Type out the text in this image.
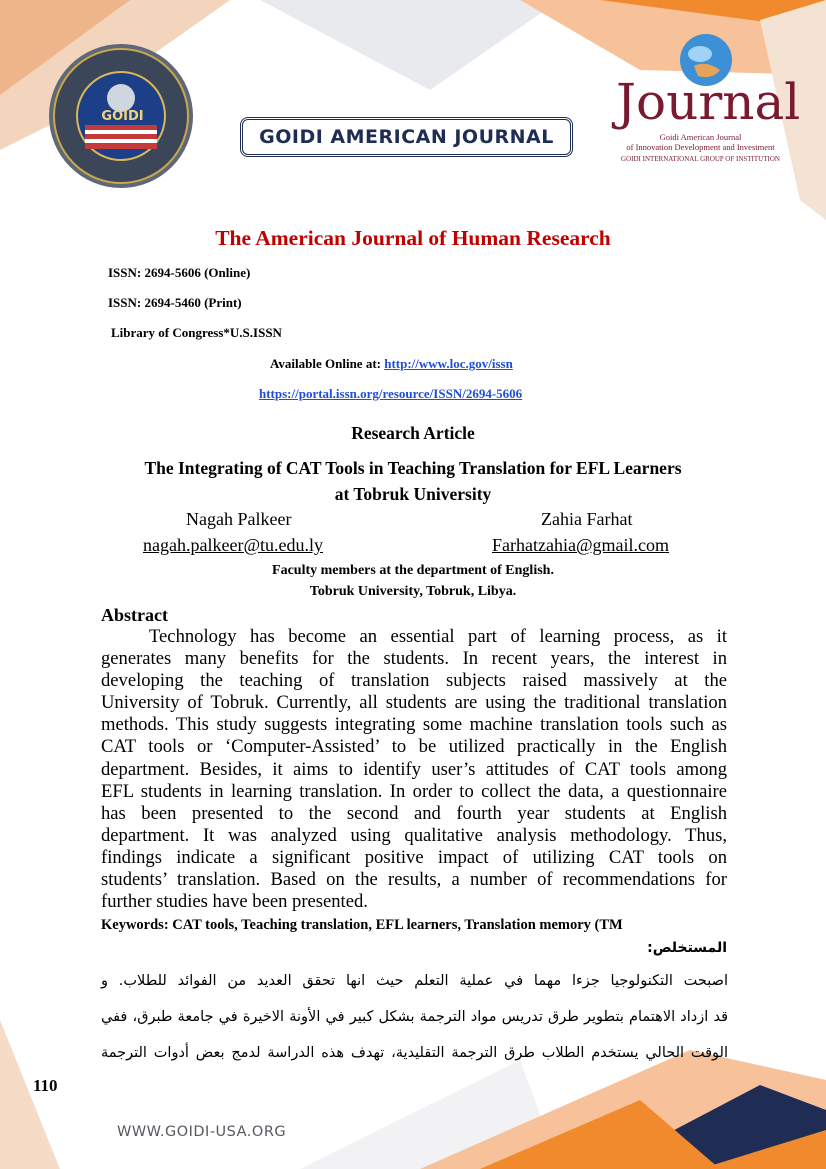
GOIDI
GOIDI AMERICAN JOURNAL
Journal
Goidi American Journal
of Innovation Development and Investment
GOIDI INTERNATIONAL GROUP OF INSTITUTION
The American Journal of Human Research
ISSN: 2694-5606 (Online)
ISSN: 2694-5460 (Print)
Library of Congress*U.S.ISSN
Available Online at: http://www.loc.gov/issn
https://portal.issn.org/resource/ISSN/2694-5606
Research Article
The Integrating of CAT Tools in Teaching Translation for EFL Learners
at Tobruk University
Nagah Palkeer
nagah.palkeer@tu.edu.ly
Zahia Farhat
Farhatzahia@gmail.com
Faculty members at the department of English.
Tobruk University, Tobruk, Libya.
Abstract
Technology has become an essential part of learning process, as it
generates many benefits for the students. In recent years, the interest in
developing the teaching of translation subjects raised massively at the
University of Tobruk. Currently, all students are using the traditional translation
methods. This study suggests integrating some machine translation tools such as
CAT tools or ‘Computer-Assisted’ to be utilized practically in the English
department. Besides, it aims to identify user’s attitudes of CAT tools among
EFL students in learning translation. In order to collect the data, a questionnaire
has been presented to the second and fourth year students at English
department. It was analyzed using qualitative analysis methodology. Thus,
findings indicate a significant positive impact of utilizing CAT tools on
students’ translation. Based on the results, a number of recommendations for
further studies have been presented.
Keywords: CAT tools, Teaching translation, EFL learners, Translation memory (TM
المستخلص:
اصبحت التكنولوجيا جزءا مهما في عملية التعلم حيث انها تحقق العديد من الفوائد للطلاب. و
قد ازداد الاهتمام بتطوير طرق تدريس مواد الترجمة بشكل كبير في الأونة الاخيرة في جامعة طبرق، ففي
الوقت الحالي يستخدم الطلاب طرق الترجمة التقليدية، تهدف هذه الدراسة لدمج بعض أدوات الترجمة
110
WWW.GOIDI-USA.ORG
